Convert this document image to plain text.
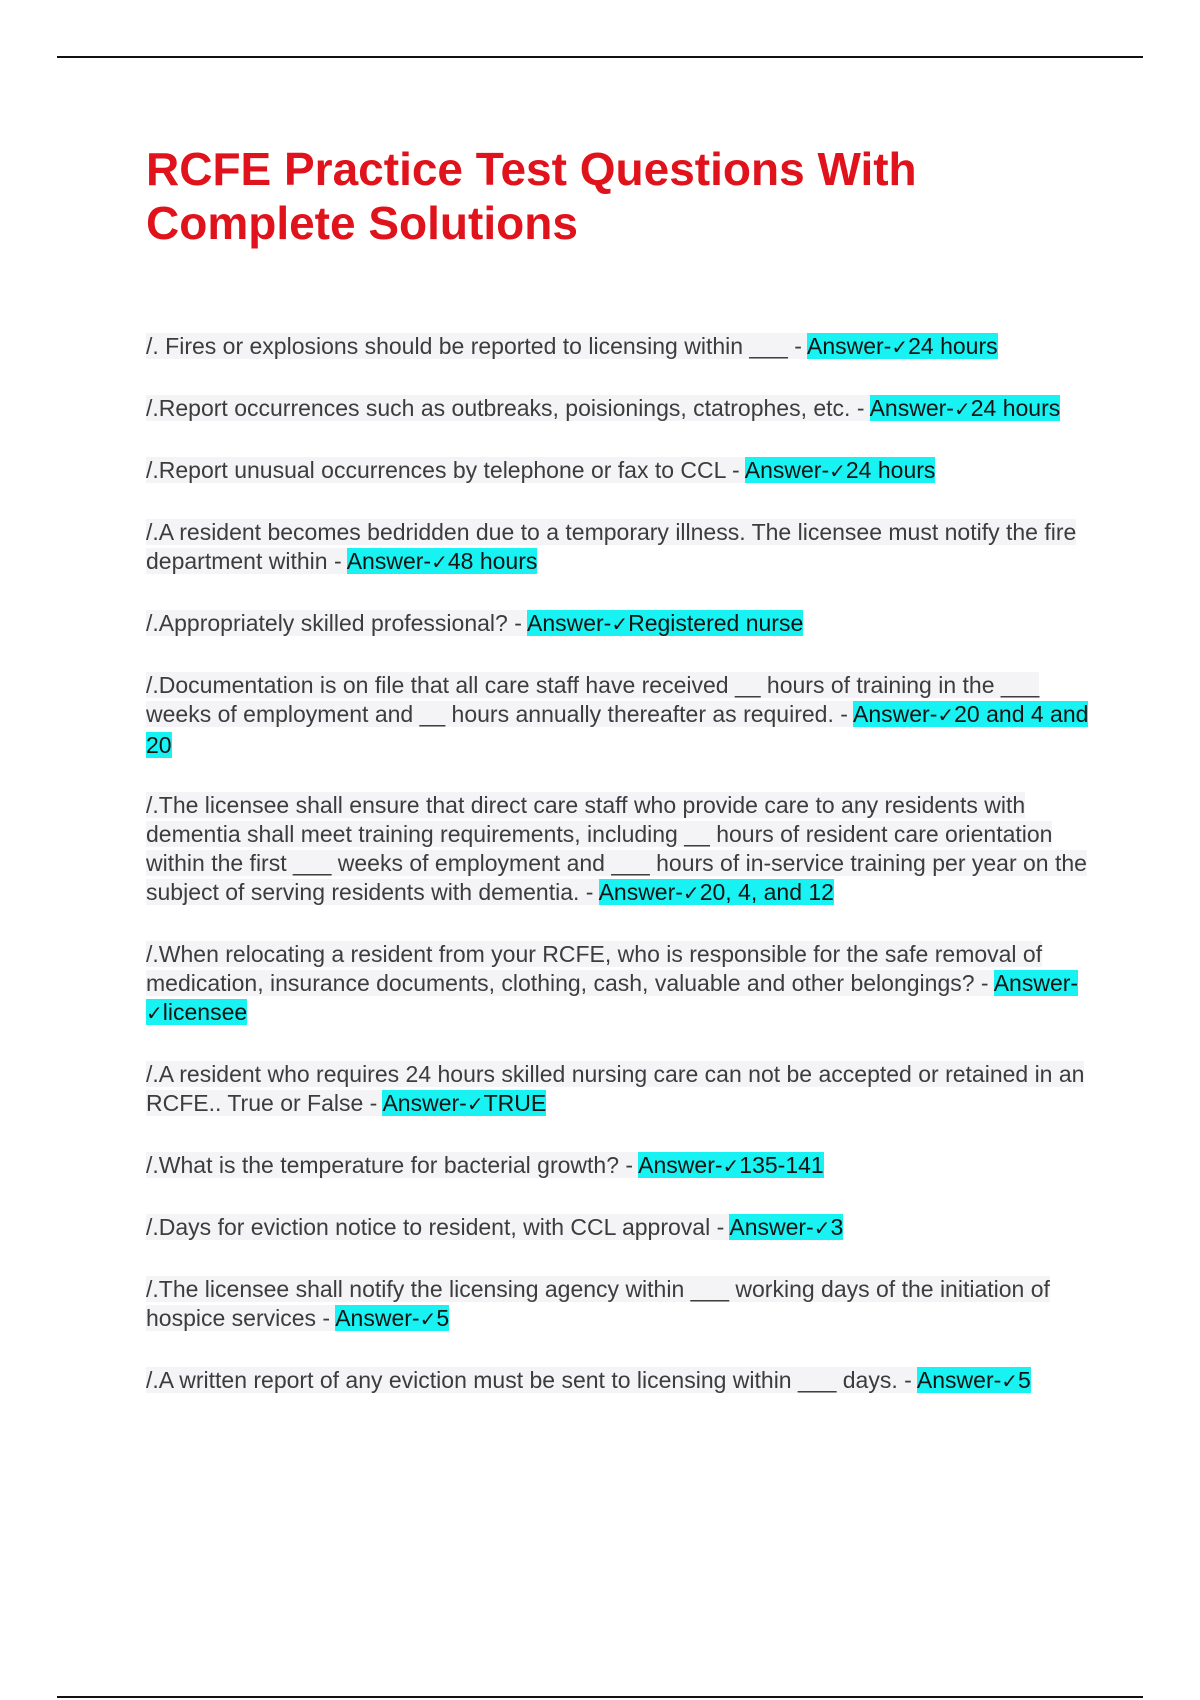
RCFE Practice Test Questions With Complete Solutions

/. Fires or explosions should be reported to licensing within ___ - Answer-✓24 hours

/.Report occurrences such as outbreaks, poisionings, ctatrophes, etc. - Answer-✓24 hours

/.Report unusual occurrences by telephone or fax to CCL - Answer-✓24 hours

/.A resident becomes bedridden due to a temporary illness. The licensee must notify the fire department within - Answer-✓48 hours

/.Appropriately skilled professional? - Answer-✓Registered nurse

/.Documentation is on file that all care staff have received __ hours of training in the ___ weeks of employment and __ hours annually thereafter as required. - Answer-✓20 and 4 and 20

/.The licensee shall ensure that direct care staff who provide care to any residents with dementia shall meet training requirements, including __ hours of resident care orientation within the first ___ weeks of employment and ___ hours of in-service training per year on the subject of serving residents with dementia. - Answer-✓20, 4, and 12

/.When relocating a resident from your RCFE, who is responsible for the safe removal of medication, insurance documents, clothing, cash, valuable and other belongings? - Answer-✓licensee

/.A resident who requires 24 hours skilled nursing care can not be accepted or retained in an RCFE.. True or False - Answer-✓TRUE

/.What is the temperature for bacterial growth? - Answer-✓135-141

/.Days for eviction notice to resident, with CCL approval - Answer-✓3

/.The licensee shall notify the licensing agency within ___ working days of the initiation of hospice services - Answer-✓5

/.A written report of any eviction must be sent to licensing within ___ days. - Answer-✓5
